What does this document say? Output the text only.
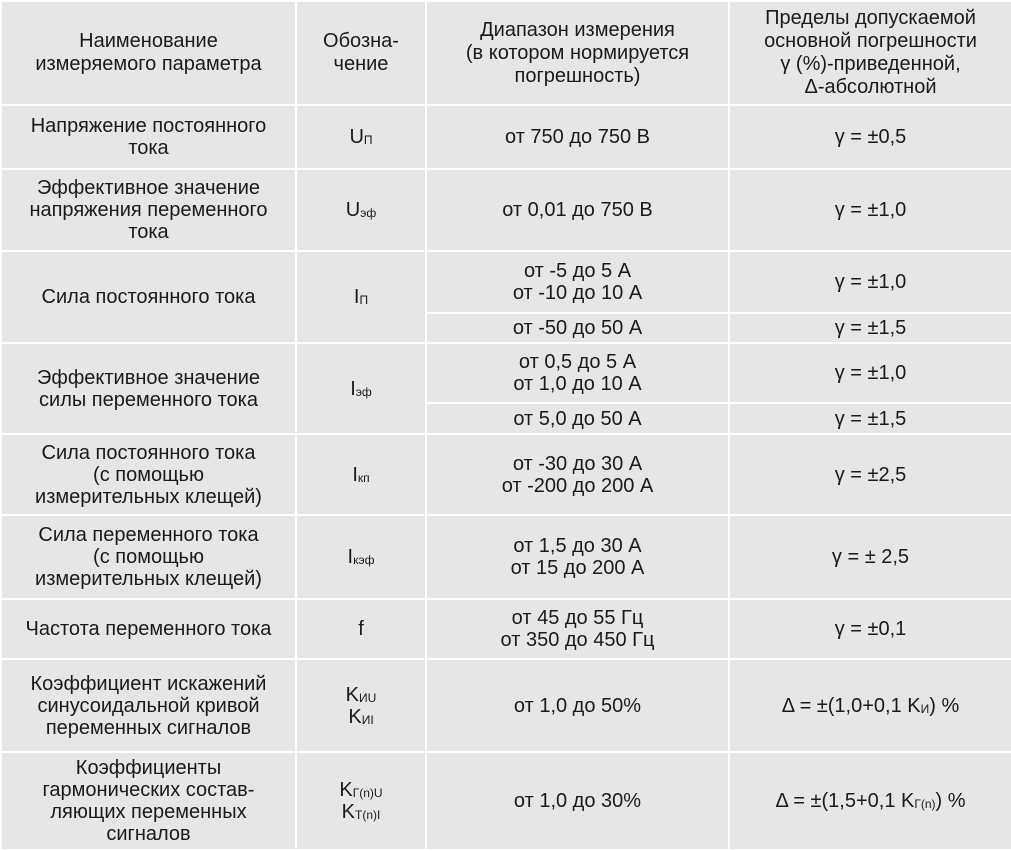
Наименование
измеряемого параметра	Обозна-
чение	Диапазон измерения
(в котором нормируется
погрешность)	Пределы допускаемой
основной погрешности
γ (%)-приведенной,
Δ-абсолютной

Напряжение постоянного
тока	$U_П$	от 750 до 750 В	γ = ±0,5

Эффективное значение
напряжения переменного
тока	$U_{эф}$	от 0,01 до 750 В	γ = ±1,0

Сила постоянного тока	$I_П$	от -5 до 5 А
от -10 до 10 А	γ = ±1,0

		от -50 до 50 А	γ = ±1,5

Эффективное значение
силы переменного тока	$I_{эф}$	от 0,5 до 5 А
от 1,0 до 10 А	γ = ±1,0

		от 5,0 до 50 А	γ = ±1,5

Сила постоянного тока
(с помощью
измерительных клещей)	$I_{кп}$	от -30 до 30 А
от -200 до 200 А	γ = ±2,5

Сила переменного тока
(с помощью
измерительных клещей)	$I_{кэф}$	от 1,5 до 30 А
от 15 до 200 А	γ = ± 2,5

Частота переменного тока	f	от 45 до 55 Гц
от 350 до 450 Гц	γ = ±0,1

Коэффициент искажений
синусоидальной кривой
переменных сигналов	$K_{ИU}$
$K_{ИI}$	от 1,0 до 50%	Δ = ±(1,0+0,1 $K_И$) %

Коэффициенты
гармонических состав-
ляющих переменных
сигналов	$K_{Г(n)U}$
$K_{Т(n)I}$	от 1,0 до 30%	Δ = ±(1,5+0,1 $K_{Г(n)}$) %
